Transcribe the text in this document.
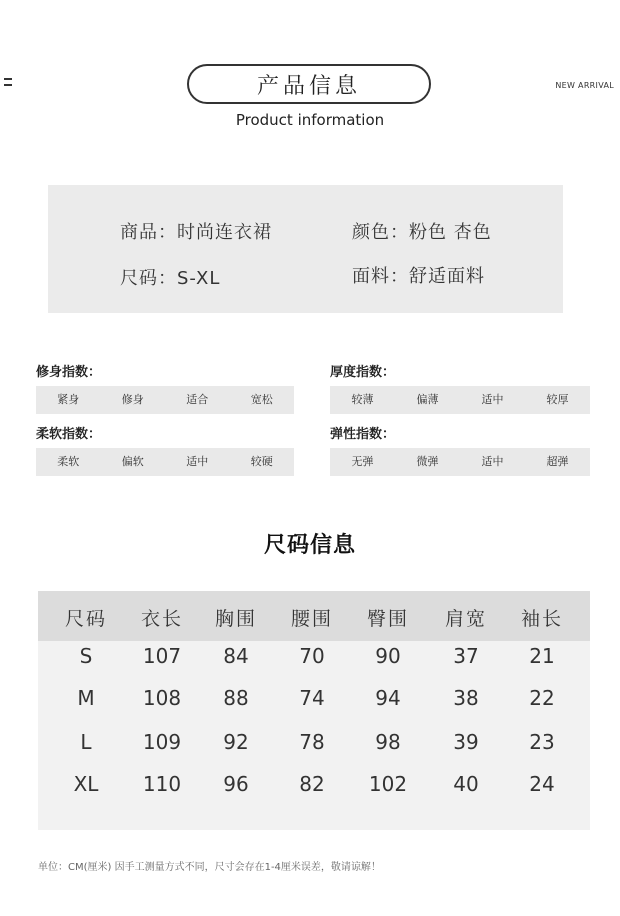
NEW ARRIVAL
产品信息
Product information
商品：时尚连衣裙	颜色：粉色 杏色
尺码：S-XL	面料：舒适面料
修身指数：
紧身	修身	适合	宽松
厚度指数：
较薄	偏薄	适中	较厚
柔软指数：
柔软	偏软	适中	较硬
弹性指数：
无弹	微弹	适中	超弹
尺码信息
尺码	衣长	胸围	腰围	臀围	肩宽	袖长
S	107	84	70	90	37	21
M	108	88	74	94	38	22
L	109	92	78	98	39	23
XL	110	96	82	102	40	24
单位：CM(厘米) 因手工测量方式不同，尺寸会存在1-4厘米误差，敬请谅解！
